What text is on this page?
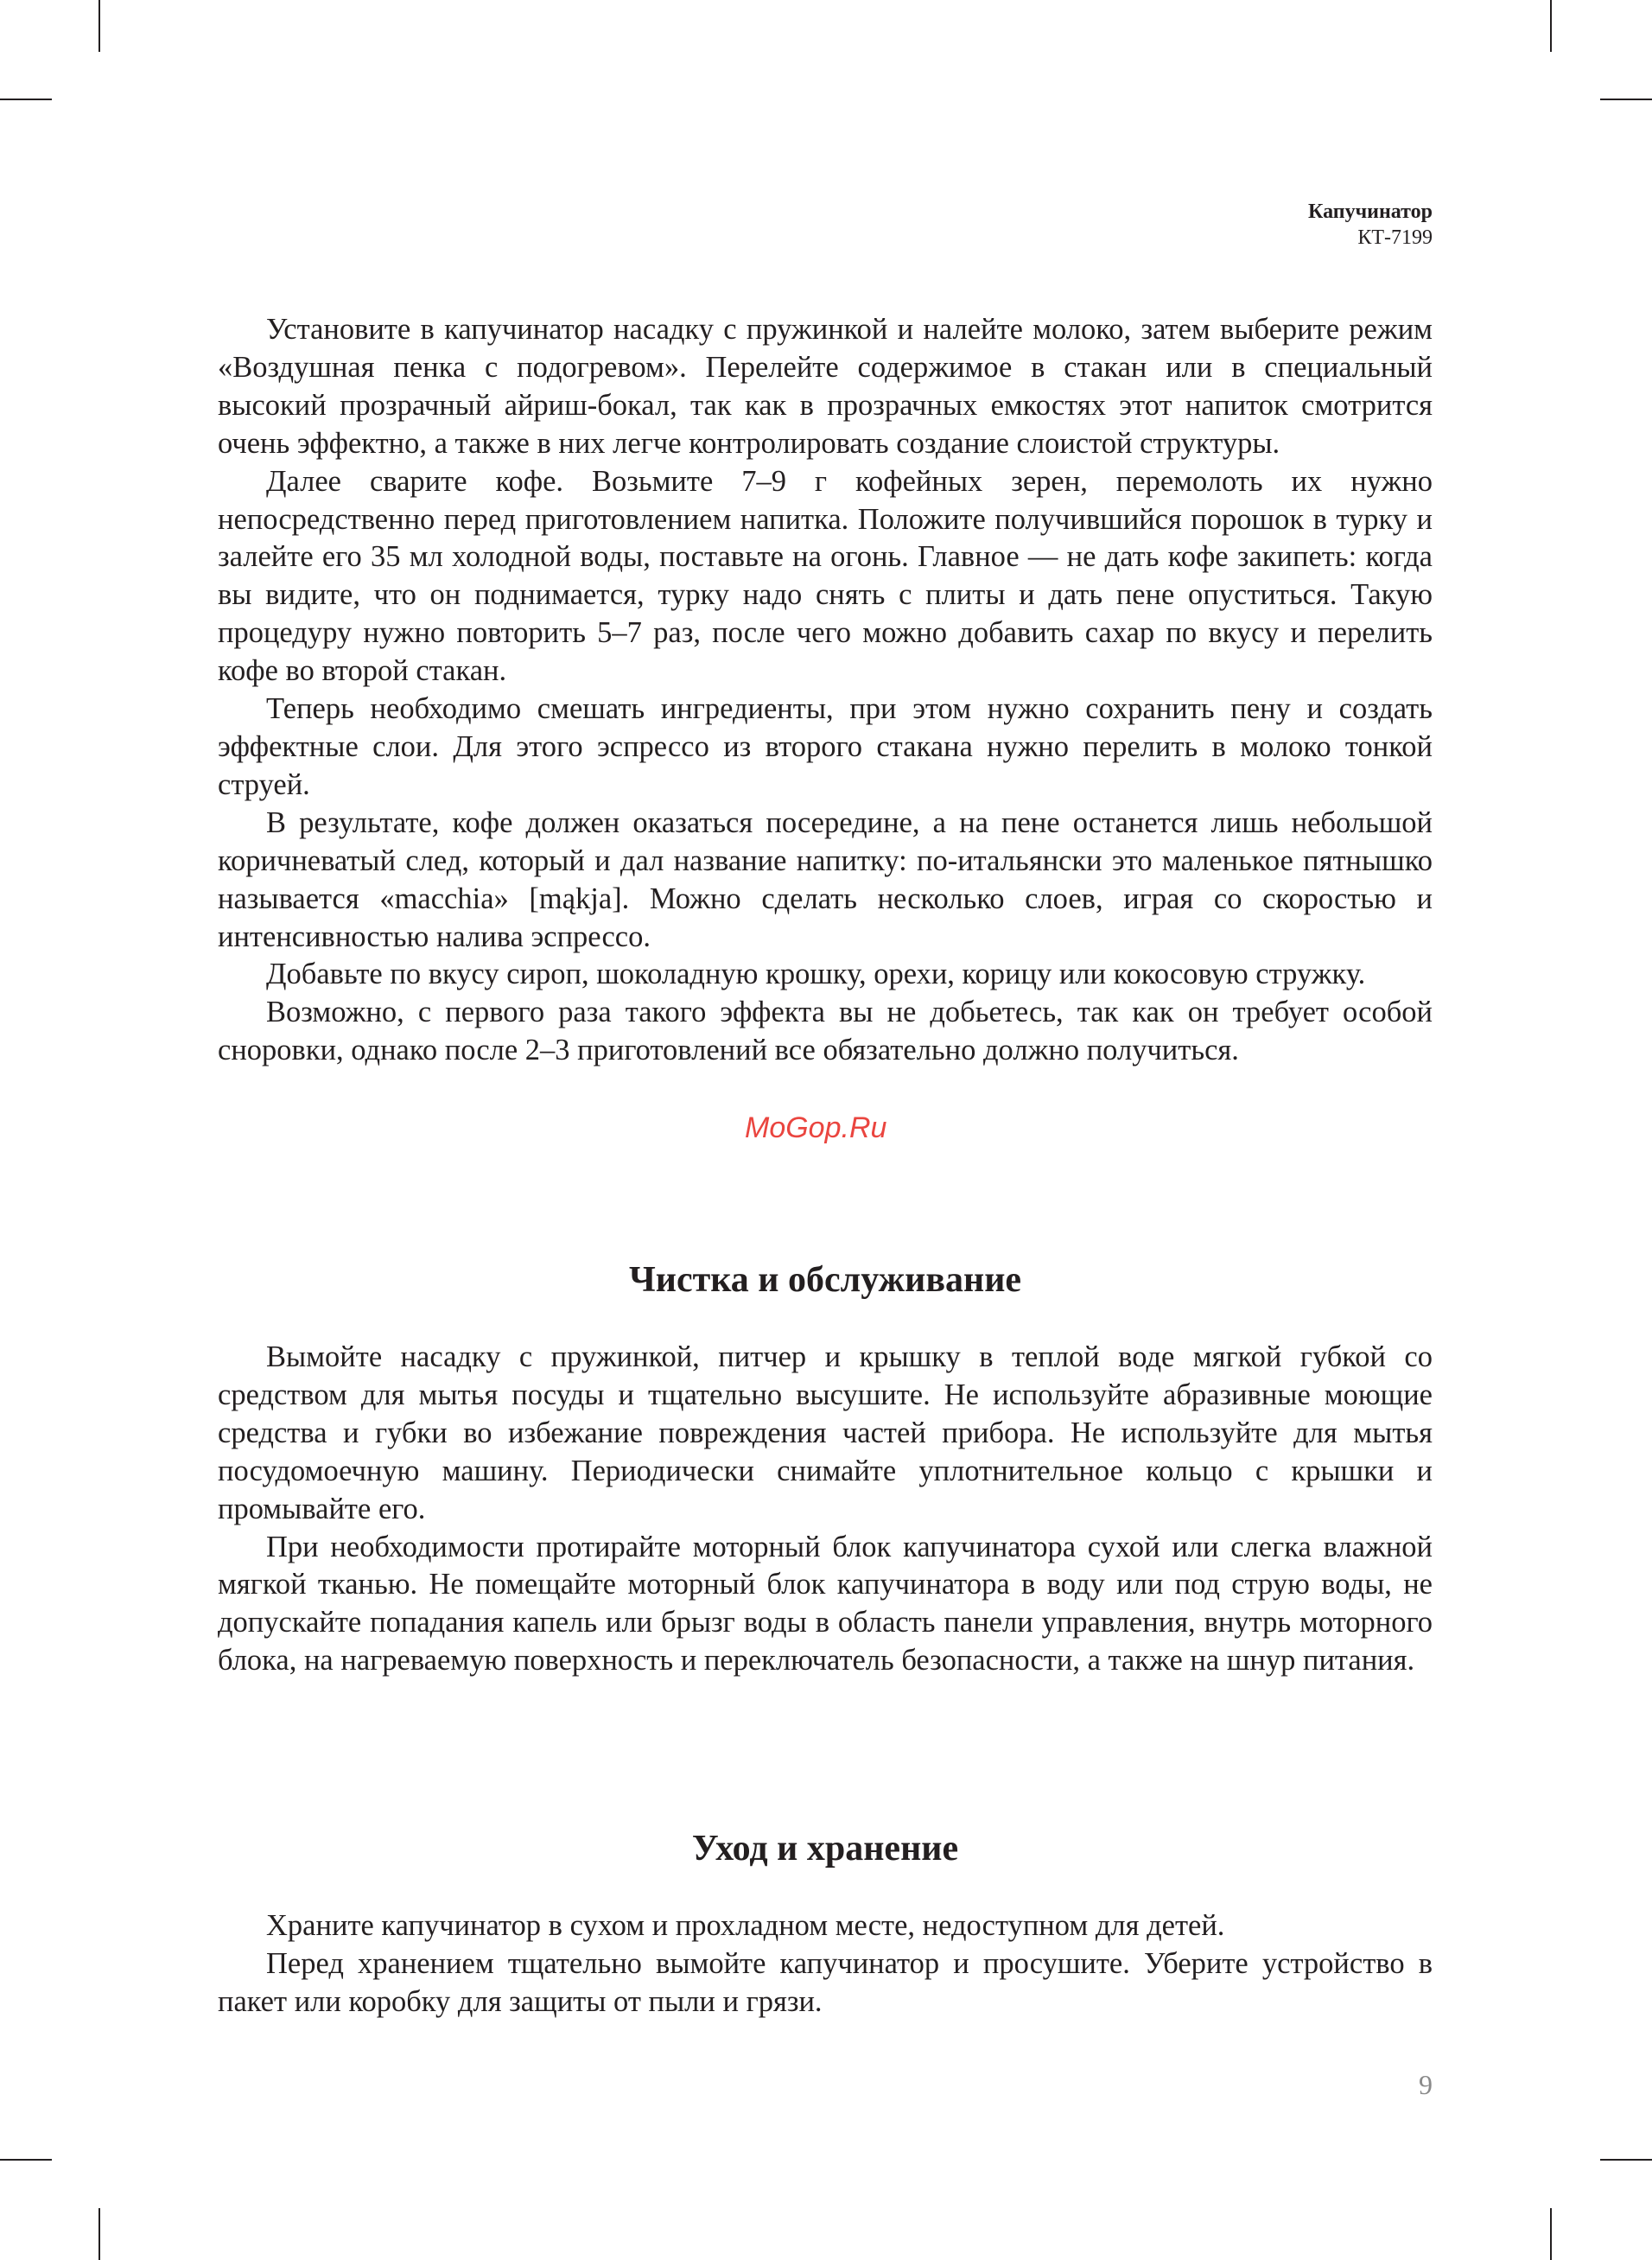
Капучинатор
КТ-7199

Установите в капучинатор насадку с пружинкой и налейте молоко, затем выберите режим «Воздушная пенка с подогревом». Перелейте содержимое в стакан или в специальный высокий прозрачный айриш-бокал, так как в прозрачных емкостях этот напиток смотрится очень эффектно, а также в них легче контролировать создание слоистой структуры.

Далее сварите кофе. Возьмите 7–9 г кофейных зерен, перемолоть их нужно непосредственно перед приготовлением напитка. Положите получившийся порошок в турку и залейте его 35 мл холодной воды, поставьте на огонь. Главное — не дать кофе закипеть: когда вы видите, что он поднимается, турку надо снять с плиты и дать пене опуститься. Такую процедуру нужно повторить 5–7 раз, после чего можно добавить сахар по вкусу и перелить кофе во второй стакан.

Теперь необходимо смешать ингредиенты, при этом нужно сохранить пену и создать эффектные слои. Для этого эспрессо из второго стакана нужно перелить в молоко тонкой струей.

В результате, кофе должен оказаться посередине, а на пене останется лишь небольшой коричневатый след, который и дал название напитку: по-итальянски это маленькое пятнышко называется «macchia» [mąkja]. Можно сделать несколько слоев, играя со скоростью и интенсивностью налива эспрессо.

Добавьте по вкусу сироп, шоколадную крошку, орехи, корицу или кокосовую стружку.

Возможно, с первого раза такого эффекта вы не добьетесь, так как он требует особой сноровки, однако после 2–3 приготовлений все обязательно должно получиться.

MoGop.Ru
Чистка и обслуживание

Вымойте насадку с пружинкой, питчер и крышку в теплой воде мягкой губкой со средством для мытья посуды и тщательно высушите. Не используйте абразивные моющие средства и губки во избежание повреждения частей прибора. Не используйте для мытья посудомоечную машину. Периодически снимайте уплотнительное кольцо с крышки и промывайте его.

При необходимости протирайте моторный блок капучинатора сухой или слегка влажной мягкой тканью. Не помещайте моторный блок капучинатора в воду или под струю воды, не допускайте попадания капель или брызг воды в область панели управления, внутрь моторного блока, на нагреваемую поверхность и переключатель безопасности, а также на шнур питания.

Уход и хранение

Храните капучинатор в сухом и прохладном месте, недоступном для детей.

Перед хранением тщательно вымойте капучинатор и просушите. Уберите устройство в пакет или коробку для защиты от пыли и грязи.

9
